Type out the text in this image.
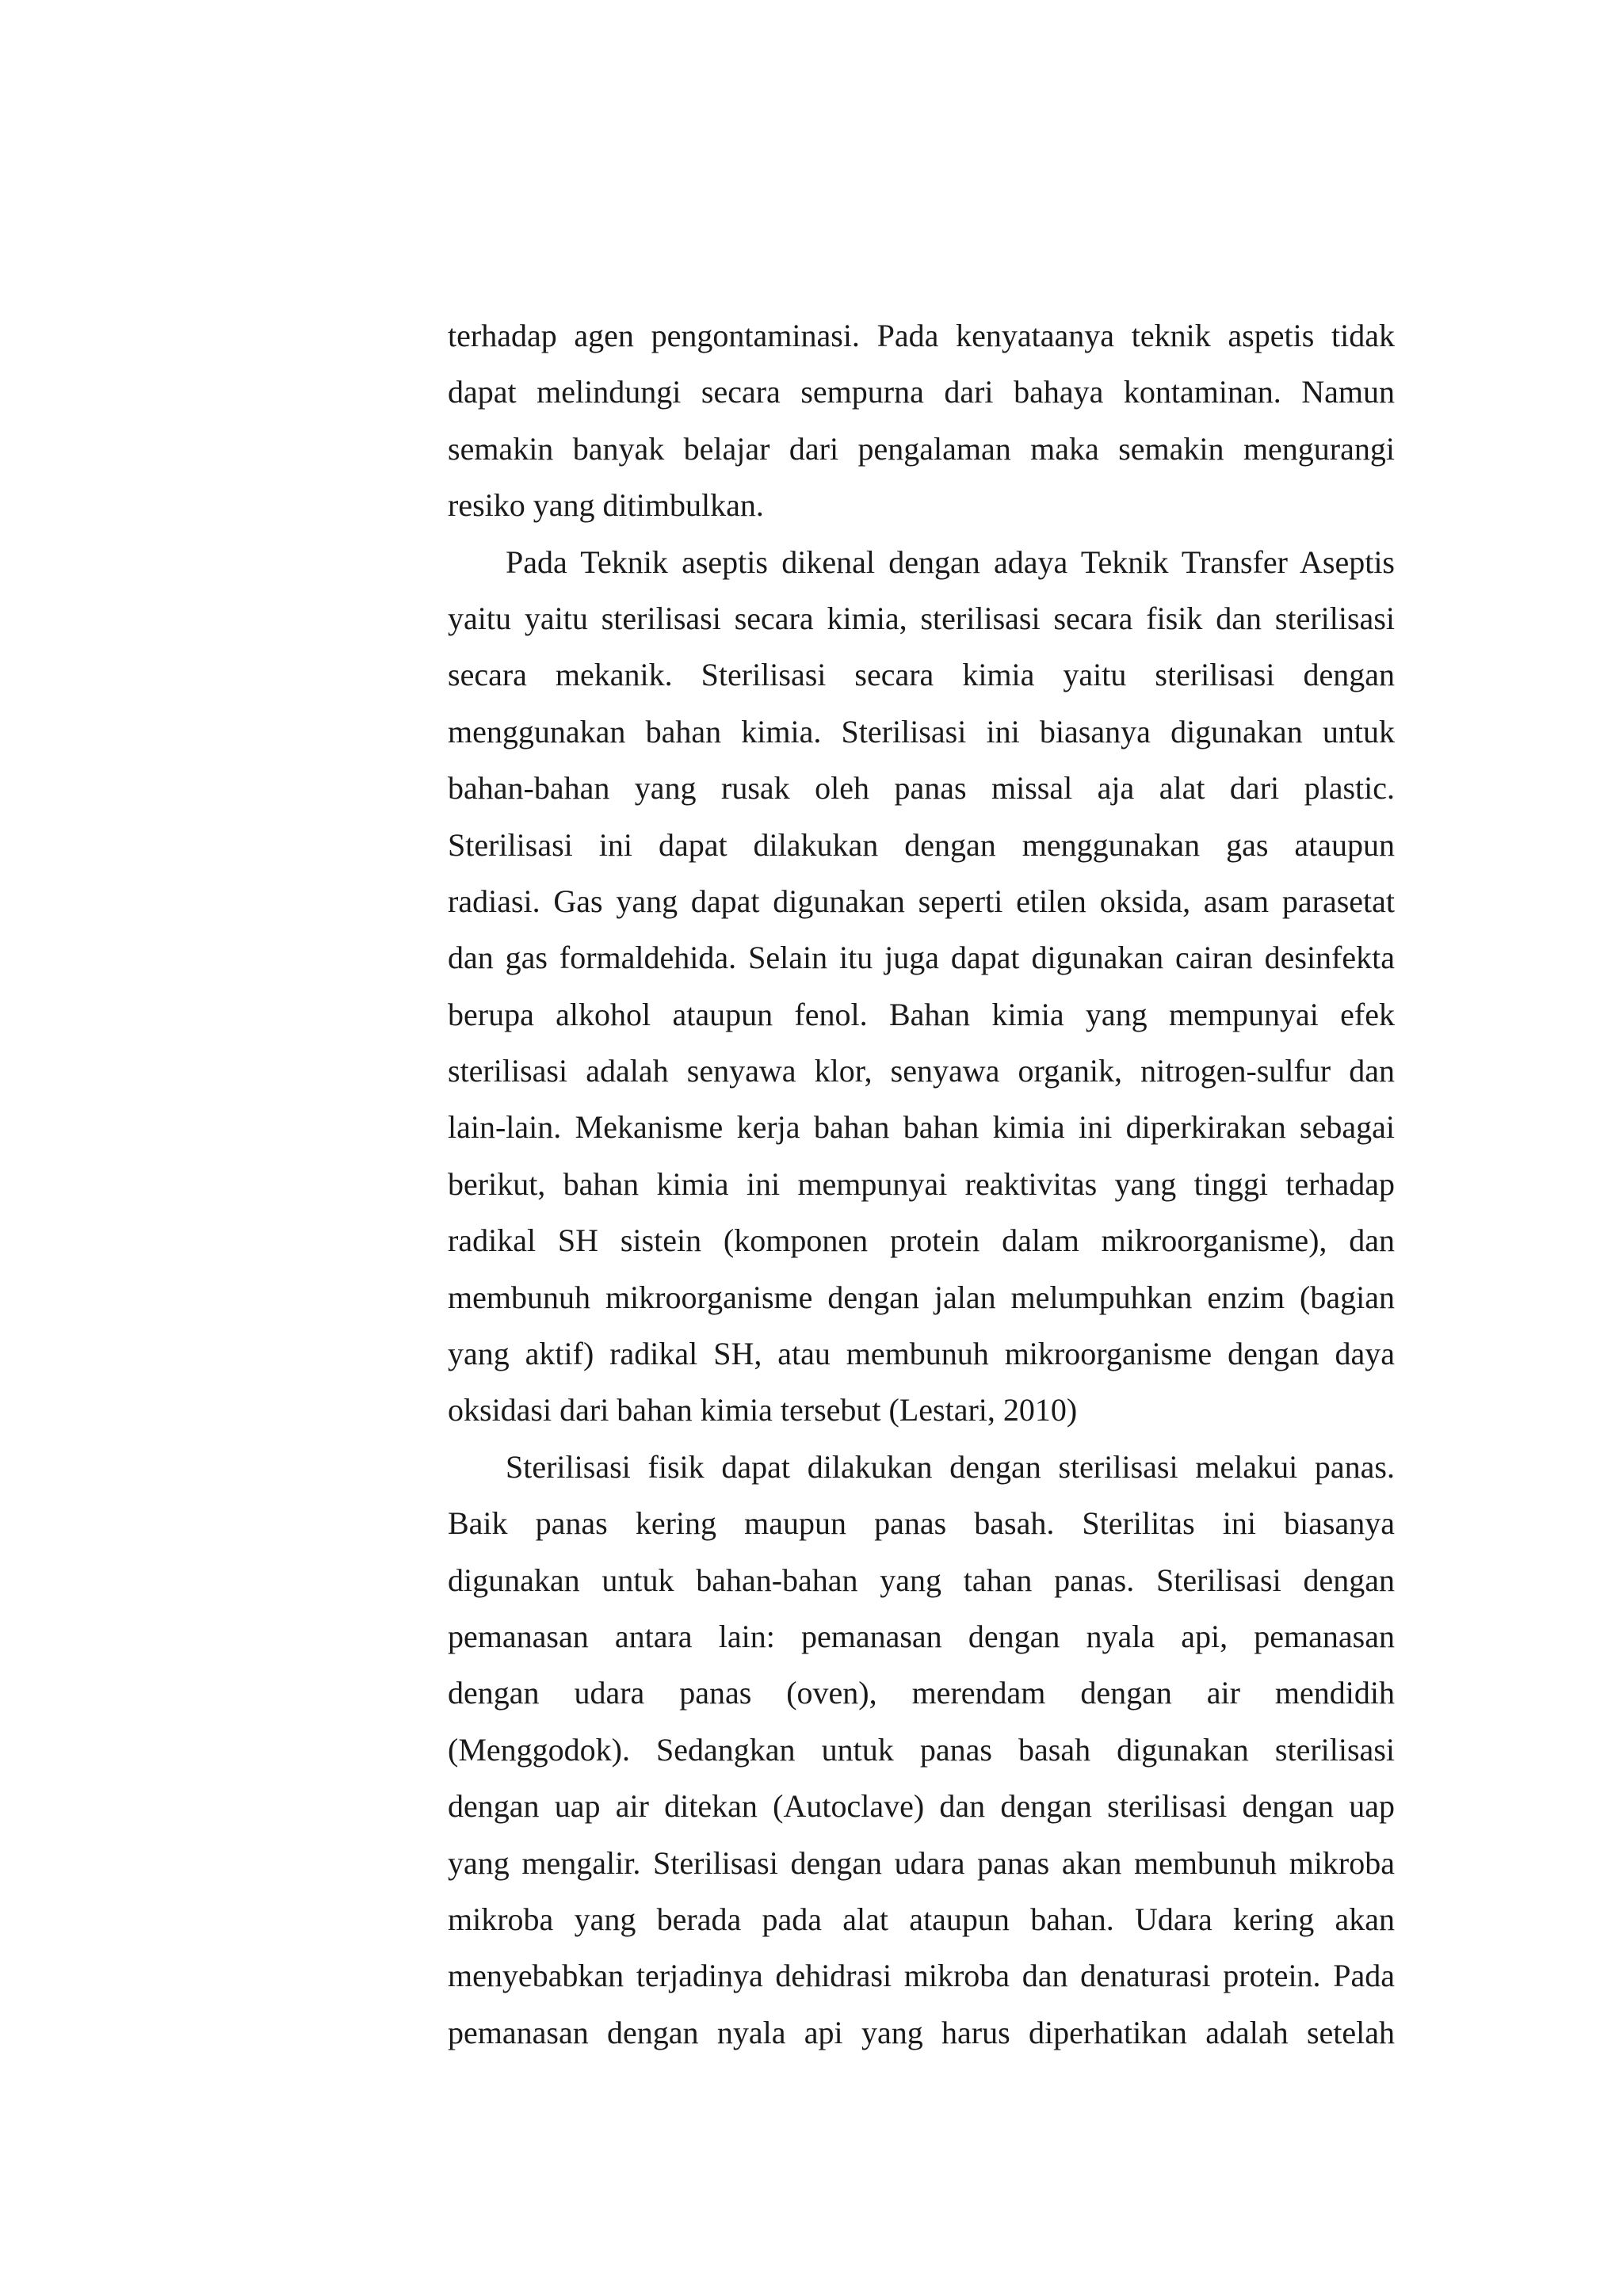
terhadap agen pengontaminasi. Pada kenyataanya teknik aspetis tidak
dapat melindungi secara sempurna dari bahaya kontaminan. Namun
semakin banyak belajar dari pengalaman maka semakin mengurangi
resiko yang ditimbulkan.
Pada Teknik aseptis dikenal dengan adaya Teknik Transfer Aseptis
yaitu yaitu sterilisasi secara kimia, sterilisasi secara fisik dan sterilisasi
secara mekanik. Sterilisasi secara kimia yaitu sterilisasi dengan
menggunakan bahan kimia. Sterilisasi ini biasanya digunakan untuk
bahan-bahan yang rusak oleh panas missal aja alat dari plastic.
Sterilisasi ini dapat dilakukan dengan menggunakan gas ataupun
radiasi. Gas yang dapat digunakan seperti etilen oksida, asam parasetat
dan gas formaldehida. Selain itu juga dapat digunakan cairan desinfekta
berupa alkohol ataupun fenol. Bahan kimia yang mempunyai efek
sterilisasi adalah senyawa klor, senyawa organik, nitrogen-sulfur dan
lain-lain. Mekanisme kerja bahan bahan kimia ini diperkirakan sebagai
berikut, bahan kimia ini mempunyai reaktivitas yang tinggi terhadap
radikal SH sistein (komponen protein dalam mikroorganisme), dan
membunuh mikroorganisme dengan jalan melumpuhkan enzim (bagian
yang aktif) radikal SH, atau membunuh mikroorganisme dengan daya
oksidasi dari bahan kimia tersebut (Lestari, 2010)
Sterilisasi fisik dapat dilakukan dengan sterilisasi melakui panas.
Baik panas kering maupun panas basah. Sterilitas ini biasanya
digunakan untuk bahan-bahan yang tahan panas. Sterilisasi dengan
pemanasan antara lain: pemanasan dengan nyala api, pemanasan
dengan udara panas (oven), merendam dengan air mendidih
(Menggodok). Sedangkan untuk panas basah digunakan sterilisasi
dengan uap air ditekan (Autoclave) dan dengan sterilisasi dengan uap
yang mengalir. Sterilisasi dengan udara panas akan membunuh mikroba
mikroba yang berada pada alat ataupun bahan. Udara kering akan
menyebabkan terjadinya dehidrasi mikroba dan denaturasi protein. Pada
pemanasan dengan nyala api yang harus diperhatikan adalah setelah
